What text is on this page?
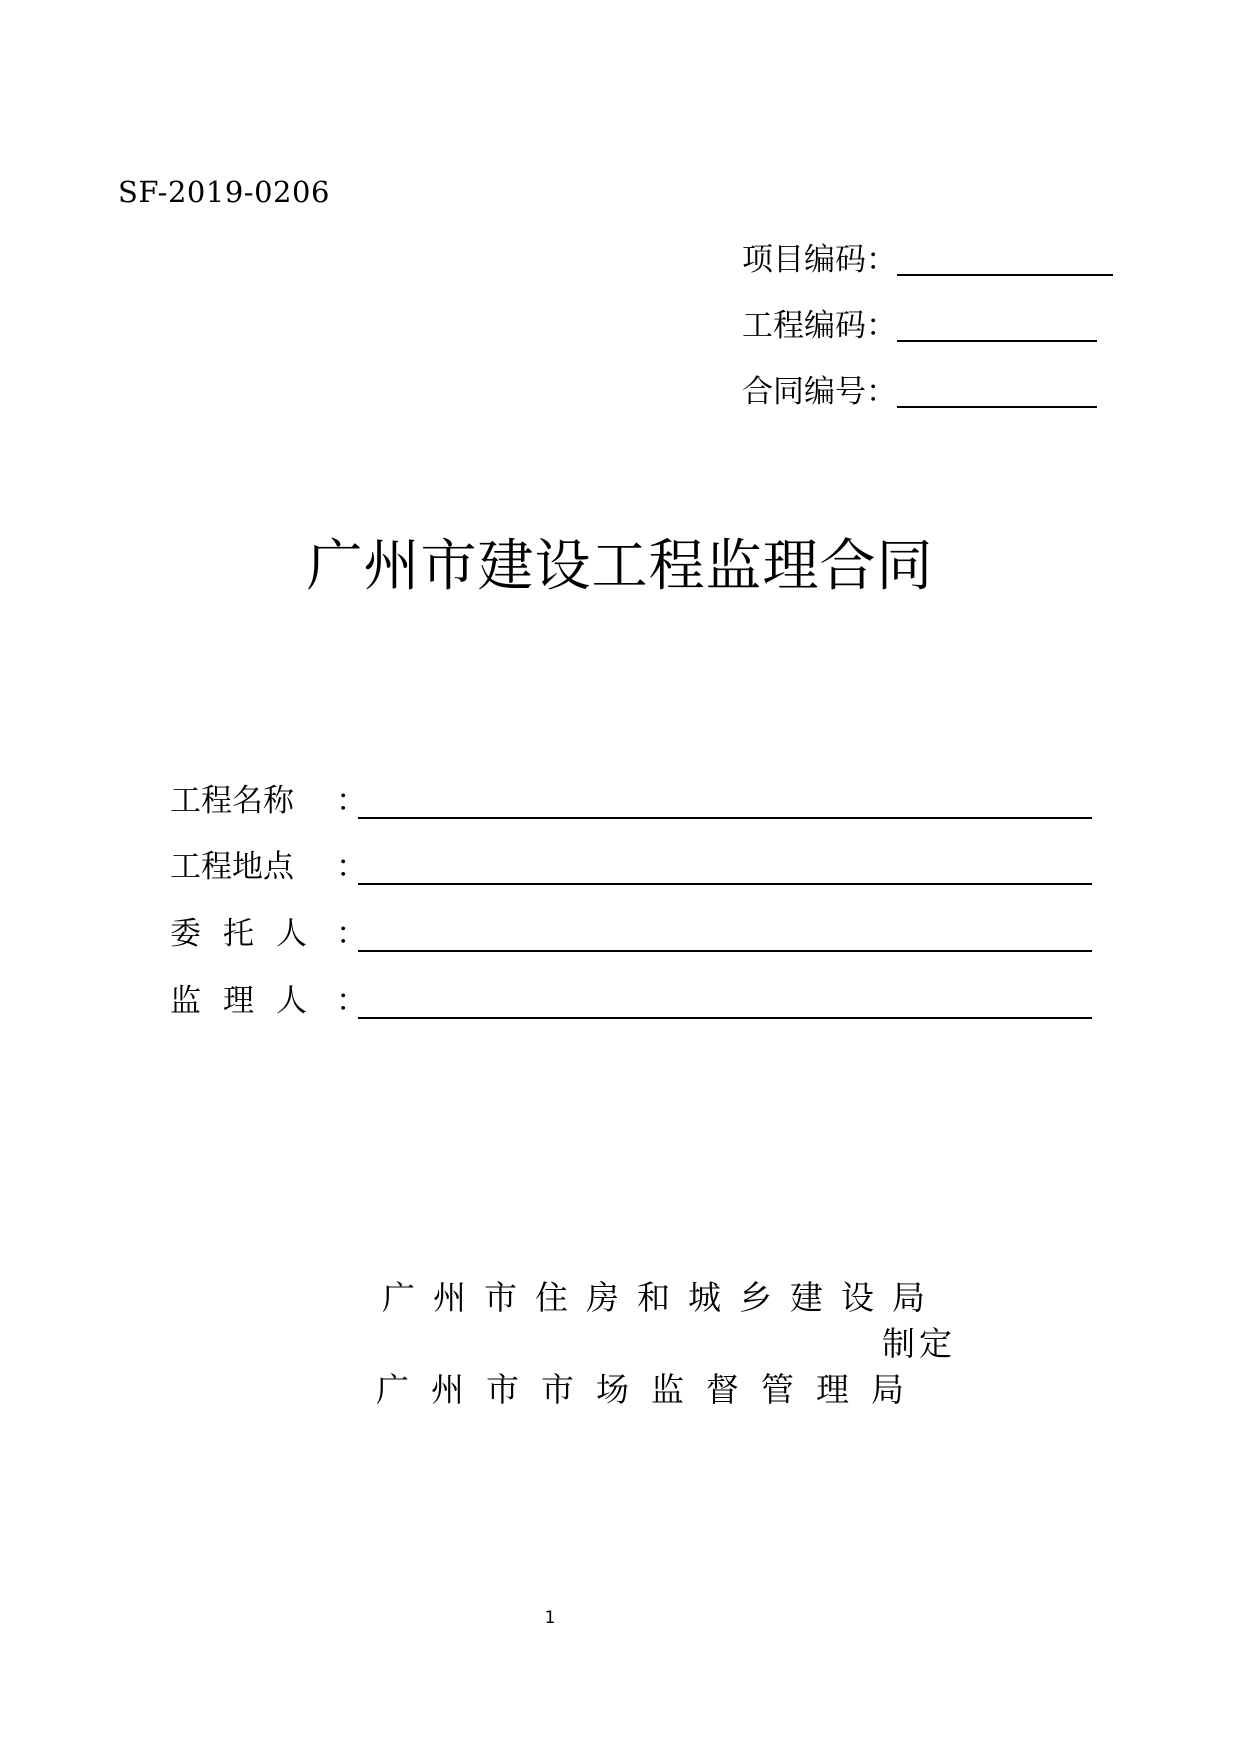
SF-2019-0206
项目编码：
工程编码：
合同编号：
广州市建设工程监理合同
工程名称	：
工程地点	：
委托人 ：
监理人 ：
广州市住房和城乡建设局
制定
广州市市场监督管理局
1
